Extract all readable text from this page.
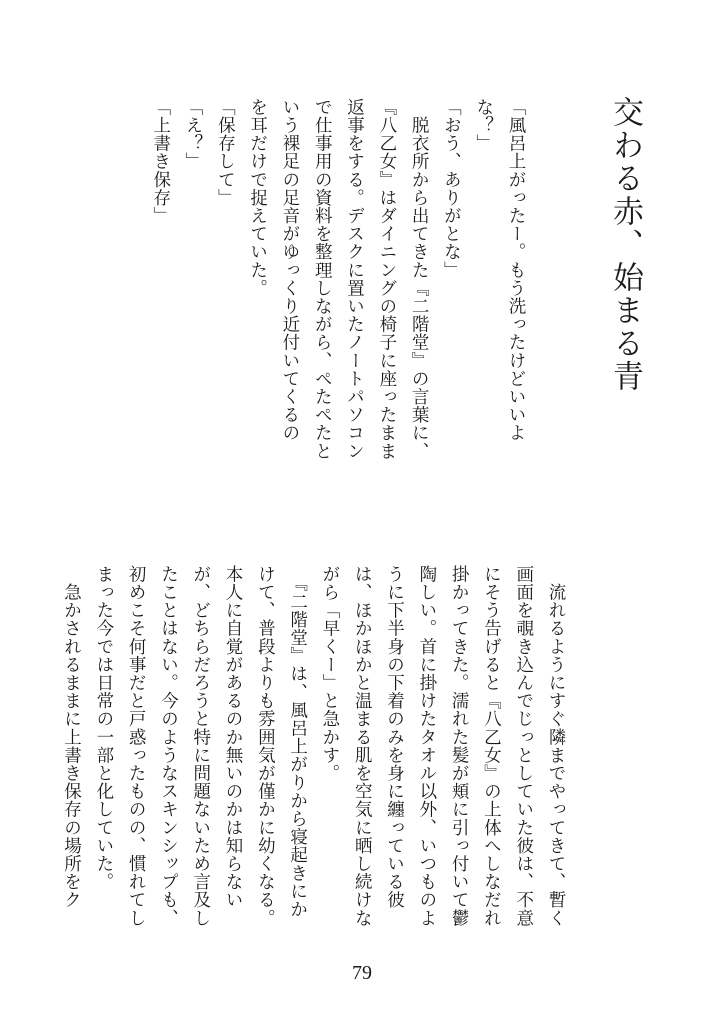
交わる赤、始まる青
「風呂上がったー。もう洗ったけどいいよ
な？」
「おう、ありがとな」
　脱衣所から出てきた『二階堂』の言葉に、
『八乙女』はダイニングの椅子に座ったまま
返事をする。デスクに置いたノートパソコン
で仕事用の資料を整理しながら、ぺたぺたと
いう裸足の足音がゆっくり近付いてくるの
を耳だけで捉えていた。
「保存して」
「え？」
「上書き保存」
　流れるようにすぐ隣までやってきて、暫く
画面を覗き込んでじっとしていた彼は、不意
にそう告げると『八乙女』の上体へしなだれ
掛かってきた。濡れた髪が頬に引っ付いて鬱
陶しい。首に掛けたタオル以外、いつものよ
うに下半身の下着のみを身に纏っている彼
は、ほかほかと温まる肌を空気に晒し続けな
がら「早くー」と急かす。
　『二階堂』は、風呂上がりから寝起きにか
けて、普段よりも雰囲気が僅かに幼くなる。
本人に自覚があるのか無いのかは知らない
が、どちらだろうと特に問題ないため言及し
たことはない。今のようなスキンシップも、
初めこそ何事だと戸惑ったものの、慣れてし
まった今では日常の一部と化していた。
　急かされるままに上書き保存の場所をク

79
